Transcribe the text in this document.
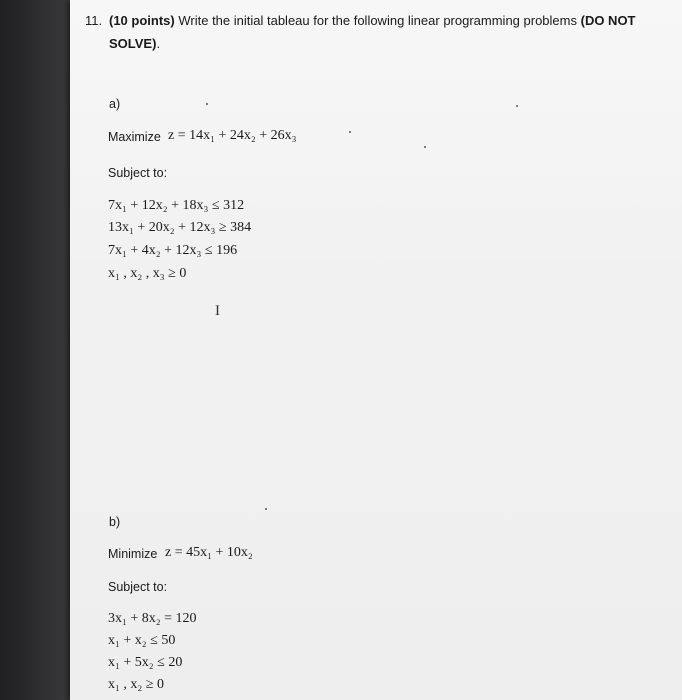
11. (10 points) Write the initial tableau for the following linear programming problems (DO NOT
SOLVE).
a)
Maximize z = 14x₁ + 24x₂ + 26x₃
Subject to:
7x₁ + 12x₂ + 18x₃ ≤ 312
13x₁ + 20x₂ + 12x₃ ≥ 384
7x₁ + 4x₂ + 12x₃ ≤ 196
x₁ , x₂ , x₃ ≥ 0
I
b)
Minimize z = 45x₁ + 10x₂
Subject to:
3x₁ + 8x₂ = 120
x₁ + x₂ ≤ 50
x₁ + 5x₂ ≤ 20
x₁ , x₂ ≥ 0
